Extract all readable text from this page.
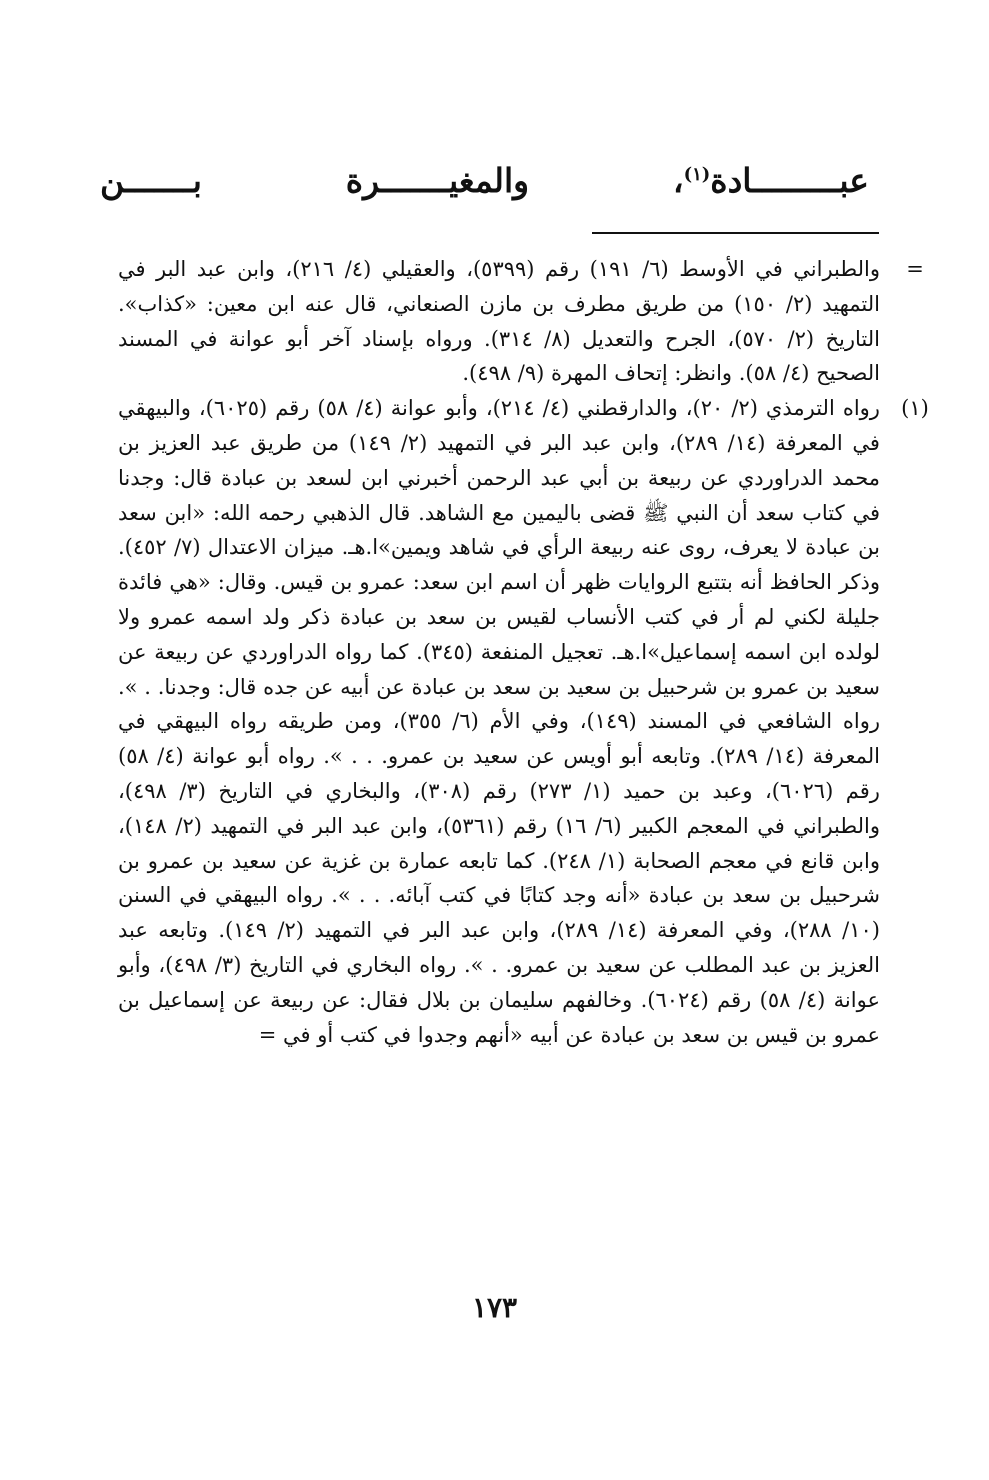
عبـــــــــادة$^{(١)}$، والمغيـــــــرة بـــــــن
=

والطبراني في الأوسط (٦/ ١٩١) رقم (٥٣٩٩)، والعقيلي (٤/ ٢١٦)، وابن عبد البر في التمهيد (٢/ ١٥٠) من طريق مطرف بن مازن الصنعاني، قال عنه ابن معين: «كذاب». التاريخ (٢/ ٥٧٠)، الجرح والتعديل (٨/ ٣١٤). ورواه بإسناد آخر أبو عوانة في المسند الصحيح (٤/ ٥٨). وانظر: إتحاف المهرة (٩/ ٤٩٨).

(١)

رواه الترمذي (٢/ ٢٠)، والدارقطني (٤/ ٢١٤)، وأبو عوانة (٤/ ٥٨) رقم (٦٠٢٥)، والبيهقي في المعرفة (١٤/ ٢٨٩)، وابن عبد البر في التمهيد (٢/ ١٤٩) من طريق عبد العزيز بن محمد الدراوردي عن ربيعة بن أبي عبد الرحمن أخبرني ابن لسعد بن عبادة قال: وجدنا في كتاب سعد أن النبي ﷺ قضى باليمين مع الشاهد. قال الذهبي رحمه الله: «ابن سعد بن عبادة لا يعرف، روى عنه ربيعة الرأي في شاهد ويمين»ا.هـ. ميزان الاعتدال (٧/ ٤٥٢). وذكر الحافظ أنه بتتبع الروايات ظهر أن اسم ابن سعد: عمرو بن قيس. وقال: «هي فائدة جليلة لكني لم أر في كتب الأنساب لقيس بن سعد بن عبادة ذكر ولد اسمه عمرو ولا لولده ابن اسمه إسماعيل»ا.هـ. تعجيل المنفعة (٣٤٥). كما رواه الدراوردي عن ربيعة عن سعيد بن عمرو بن شرحبيل بن سعيد بن سعد بن عبادة عن أبيه عن جده قال: وجدنا. . ». رواه الشافعي في المسند (١٤٩)، وفي الأم (٦/ ٣٥٥)، ومن طريقه رواه البيهقي في المعرفة (١٤/ ٢٨٩). وتابعه أبو أويس عن سعيد بن عمرو. . . ». رواه أبو عوانة (٤/ ٥٨) رقم (٦٠٢٦)، وعبد بن حميد (١/ ٢٧٣) رقم (٣٠٨)، والبخاري في التاريخ (٣/ ٤٩٨)، والطبراني في المعجم الكبير (٦/ ١٦) رقم (٥٣٦١)، وابن عبد البر في التمهيد (٢/ ١٤٨)، وابن قانع في معجم الصحابة (١/ ٢٤٨). كما تابعه عمارة بن غزية عن سعيد بن عمرو بن شرحبيل بن سعد بن عبادة «أنه وجد كتابًا في كتب آبائه. . . ». رواه البيهقي في السنن (١٠/ ٢٨٨)، وفي المعرفة (١٤/ ٢٨٩)، وابن عبد البر في التمهيد (٢/ ١٤٩). وتابعه عبد العزيز بن عبد المطلب عن سعيد بن عمرو. . ». رواه البخاري في التاريخ (٣/ ٤٩٨)، وأبو عوانة (٤/ ٥٨) رقم (٦٠٢٤). وخالفهم سليمان بن بلال فقال: عن ربيعة عن إسماعيل بن عمرو بن قيس بن سعد بن عبادة عن أبيه «أنهم وجدوا في كتب أو في =

١٧٣
